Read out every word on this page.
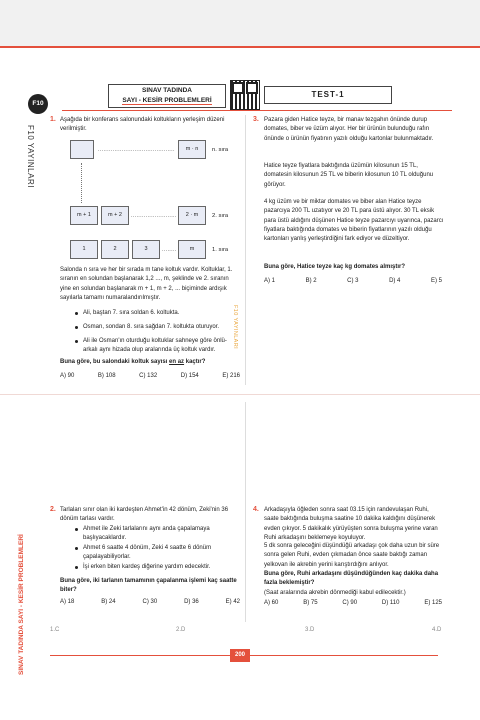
F10
F10 YAYINLARI
SINAV TADINDA
SAYI - KESİR PROBLEMLERİ
TEST-1
F10 YAYINLARI
1. Aşağıda bir konferans salonundaki koltukların yerleşim düzeni verilmiştir.
..........................................	m · n	n. sıra
m + 1	m + 2	.........................	2 · m	2. sıra
1	2	3	........	m	1. sıra
Salonda n sıra ve her bir sırada m tane koltuk vardır. Koltuklar, 1. sıranın en solundan başlanarak 1,2 ..., m, şeklinde ve 2. sıranın yine en solundan başlanarak m + 1, m + 2, ... biçiminde ardışık sayılarla tamamı numaralandırılmıştır.
Ali, baştan 7. sıra soldan 6. koltukta.
Osman, sondan 8. sıra sağdan 7. koltukta oturuyor.
Ali ile Osman'ın oturduğu koltuklar sahneye göre önlü-arkalı aynı hizada olup aralarında üç koltuk vardır.
Buna göre, bu salondaki koltuk sayısı en az kaçtır?
A) 90	B) 108	C) 132	D) 154	E) 216
3. Pazara giden Hatice teyze, bir manav tezgahın önünde durup domates, biber ve üzüm alıyor. Her bir ürünün bulunduğu rafın önünde o ürünün fiyatının yazılı olduğu kartonlar bulunmaktadır.
Hatice teyze fiyatlara baktığında üzümün kilosunun 15 TL, domatesin kilosunun 25 TL ve biberin kilosunun 10 TL olduğunu görüyor.
4 kg üzüm ve bir miktar domates ve biber alan Hatice teyze pazarcıya 200 TL uzatıyor ve 20 TL para üstü alıyor. 30 TL eksik para üstü aldığını düşünen Hatice teyze pazarcıyı uyarınca, pazarcı fiyatlara baktığında domates ve biberin fiyatlarının yazılı olduğu kartonları yanlış yerleştirdiğini fark ediyor ve düzeltiyor.
Buna göre, Hatice teyze kaç kg domates almıştır?
A) 1	B) 2	C) 3	D) 4	E) 5
SINAV TADINDA SAYI - KESİR PROBLEMLERİ
2. Tarlaları sınır olan iki kardeşten Ahmet'in 42 dönüm, Zeki'nin 36 dönüm tarlası vardır.
Ahmet ile Zeki tarlalarını aynı anda çapalamaya başlıyacaklardır.
Ahmet 6 saatte 4 dönüm, Zeki 4 saatte 6 dönüm çapalayabiliyorlar.
İşi erken biten kardeş diğerine yardım edecektir.
Buna göre, iki tarlanın tamamının çapalanma işlemi kaç saatte biter?
A) 18	B) 24	C) 30	D) 36	E) 42
4. Arkadaşıyla öğleden sonra saat 03.15 için randevulaşan Ruhi, saate baktığında buluşma saatine 10 dakika kaldığını düşünerek evden çıkıyor. 5 dakikalık yürüyüşten sonra buluşma yerine varan Ruhi arkadaşını beklemeye koyuluyor.
5 dk sonra geleceğini düşündüğü arkadaşı çok daha uzun bir süre sonra gelen Ruhi, evden çıkmadan önce saate baktığı zaman yelkovan ile akrebin yerini karıştırdığını anlıyor.
Buna göre, Ruhi arkadaşını düşündüğünden kaç dakika daha fazla beklemiştir?
(Saat aralarında akrebin dönmediği kabul edilecektir.)
A) 60	B) 75	C) 90	D) 110	E) 125
1.C	2.D	3.D	4.D
200
